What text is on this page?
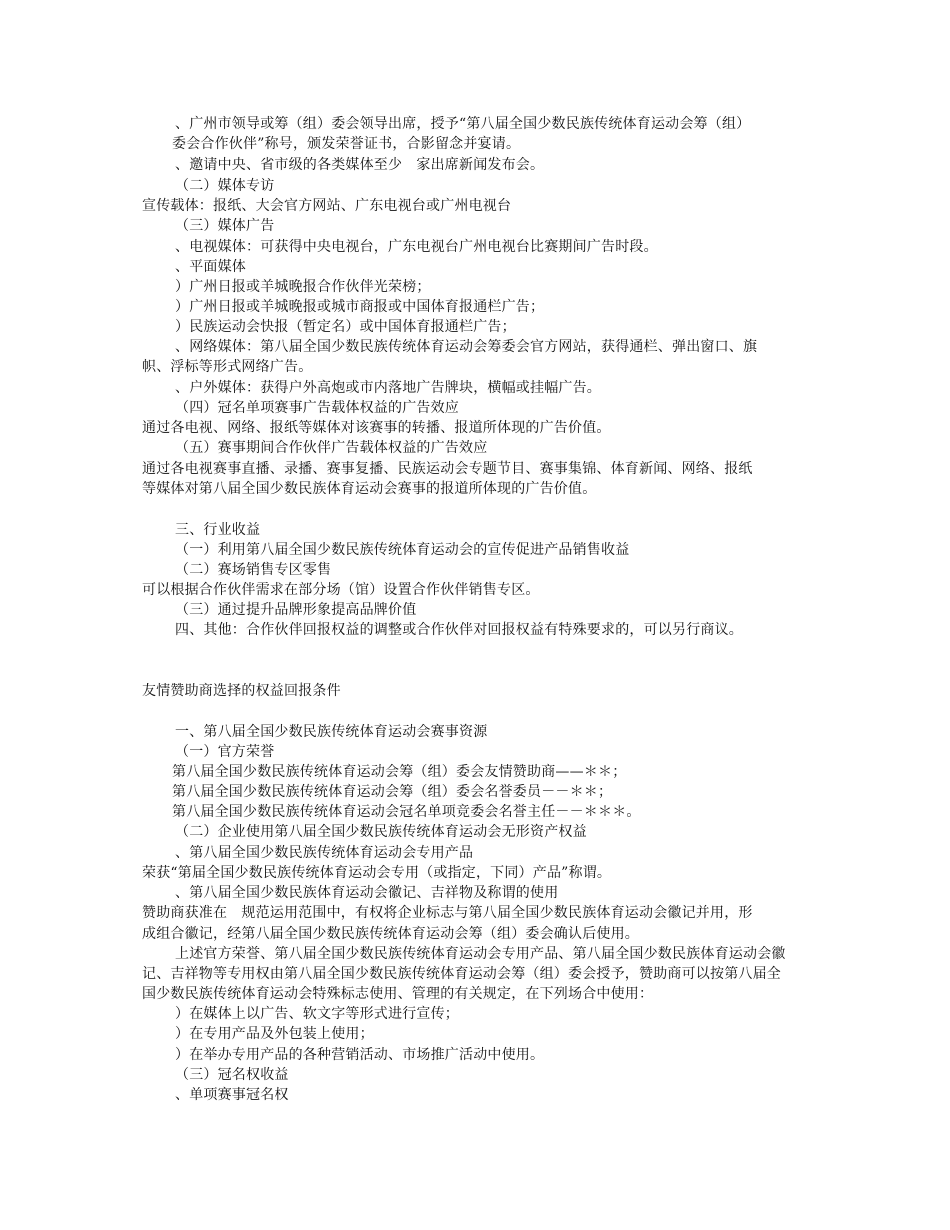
、广州市领导或筹（组）委会领导出席，授予“第八届全国少数民族传统体育运动会筹（组）
委会合作伙伴”称号，颁发荣誉证书，合影留念并宴请。
、邀请中央、省市级的各类媒体至少　家出席新闻发布会。
（二）媒体专访
宣传载体：报纸、大会官方网站、广东电视台或广州电视台
（三）媒体广告
、电视媒体：可获得中央电视台，广东电视台广州电视台比赛期间广告时段。
、平面媒体
）广州日报或羊城晚报合作伙伴光荣榜；
）广州日报或羊城晚报或城市商报或中国体育报通栏广告；
）民族运动会快报（暂定名）或中国体育报通栏广告；
、网络媒体：第八届全国少数民族传统体育运动会筹委会官方网站，获得通栏、弹出窗口、旗
帜、浮标等形式网络广告。
、户外媒体：获得户外高炮或市内落地广告牌块，横幅或挂幅广告。
（四）冠名单项赛事广告载体权益的广告效应
通过各电视、网络、报纸等媒体对该赛事的转播、报道所体现的广告价值。
（五）赛事期间合作伙伴广告载体权益的广告效应
通过各电视赛事直播、录播、赛事复播、民族运动会专题节目、赛事集锦、体育新闻、网络、报纸
等媒体对第八届全国少数民族体育运动会赛事的报道所体现的广告价值。
三、行业收益
（一）利用第八届全国少数民族传统体育运动会的宣传促进产品销售收益
（二）赛场销售专区零售
可以根据合作伙伴需求在部分场（馆）设置合作伙伴销售专区。
（三）通过提升品牌形象提高品牌价值
四、其他：合作伙伴回报权益的调整或合作伙伴对回报权益有特殊要求的，可以另行商议。
友情赞助商选择的权益回报条件
一、第八届全国少数民族传统体育运动会赛事资源
（一）官方荣誉
第八届全国少数民族传统体育运动会筹（组）委会友情赞助商——＊＊；
第八届全国少数民族传统体育运动会筹（组）委会名誉委员－－＊＊；
第八届全国少数民族传统体育运动会冠名单项竞委会名誉主任－－＊＊＊。
（二）企业使用第八届全国少数民族传统体育运动会无形资产权益
、第八届全国少数民族传统体育运动会专用产品
荣获“第届全国少数民族传统体育运动会专用（或指定，下同）产品”称谓。
、第八届全国少数民族体育运动会徽记、吉祥物及称谓的使用
赞助商获准在　规范运用范围中，有权将企业标志与第八届全国少数民族体育运动会徽记并用，形
成组合徽记，经第八届全国少数民族传统体育运动会筹（组）委会确认后使用。
上述官方荣誉、第八届全国少数民族传统体育运动会专用产品、第八届全国少数民族体育运动会徽
记、吉祥物等专用权由第八届全国少数民族传统体育运动会筹（组）委会授予，赞助商可以按第八届全
国少数民族传统体育运动会特殊标志使用、管理的有关规定，在下列场合中使用：
）在媒体上以广告、软文字等形式进行宣传；
）在专用产品及外包装上使用；
）在举办专用产品的各种营销活动、市场推广活动中使用。
（三）冠名权收益
、单项赛事冠名权
